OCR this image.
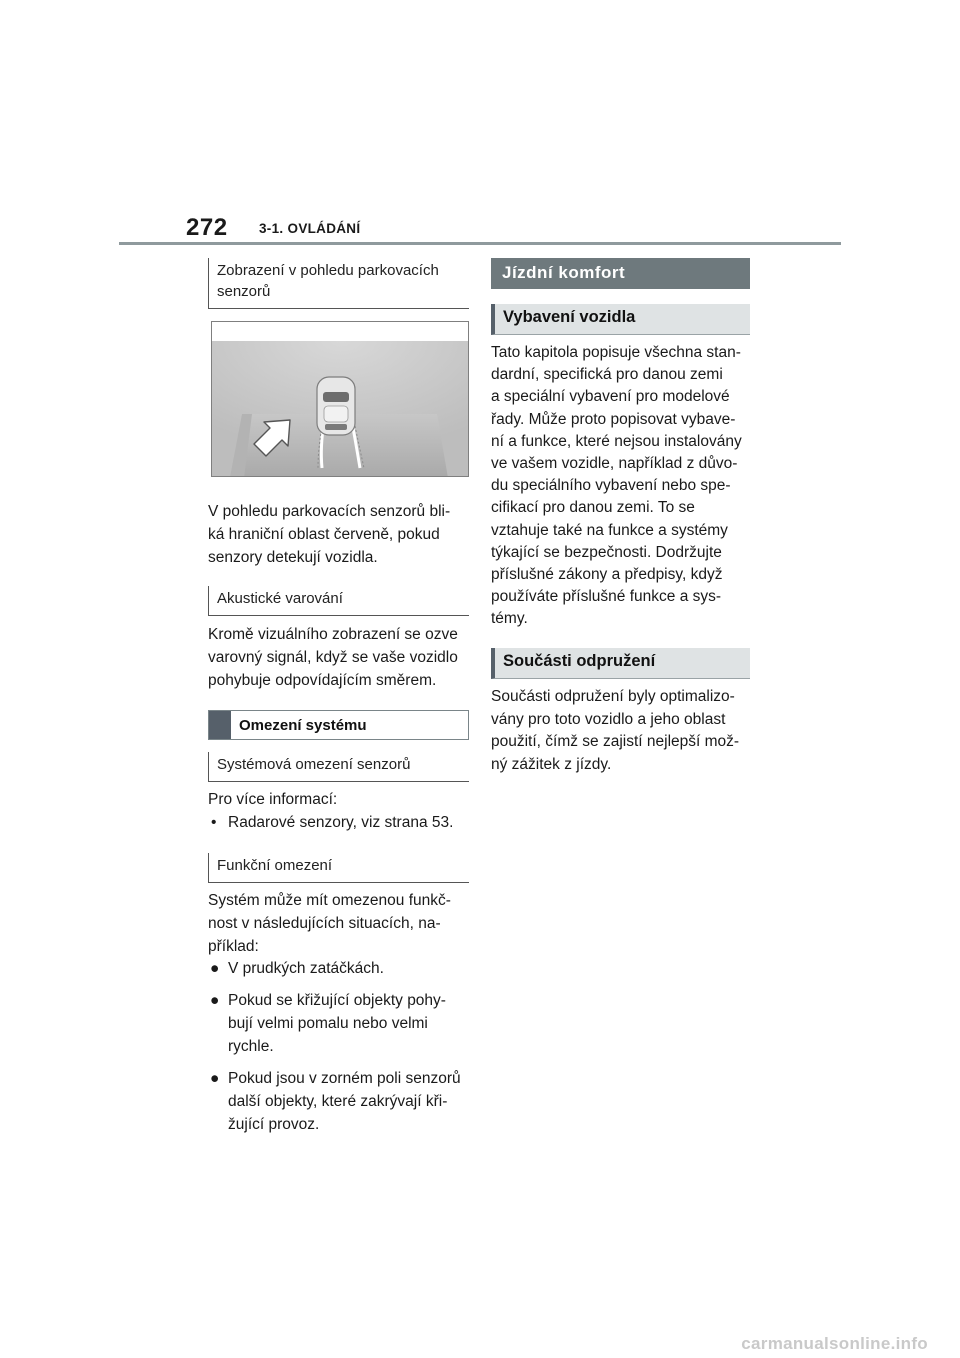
272 3-1. OVLÁDÁNÍ
Zobrazení v pohledu parkovacích senzorů
V pohledu parkovacích senzorů bli-
ká hraniční oblast červeně, pokud
senzory detekují vozidla.
Akustické varování
Kromě vizuálního zobrazení se ozve
varovný signál, když se vaše vozidlo
pohybuje odpovídajícím směrem.
Omezení systému
Systémová omezení senzorů
Pro více informací:
• Radarové senzory, viz strana 53.
Funkční omezení
Systém může mít omezenou funkč-
nost v následujících situacích, na-
příklad:
● V prudkých zatáčkách.
● Pokud se křižující objekty pohy-
bují velmi pomalu nebo velmi
rychle.
● Pokud jsou v zorném poli senzorů
další objekty, které zakrývají kři-
žující provoz.
Jízdní komfort
Vybavení vozidla
Tato kapitola popisuje všechna stan-
dardní, specifická pro danou zemi
a speciální vybavení pro modelové
řady. Může proto popisovat vybave-
ní a funkce, které nejsou instalovány
ve vašem vozidle, například z důvo-
du speciálního vybavení nebo spe-
cifikací pro danou zemi. To se
vztahuje také na funkce a systémy
týkající se bezpečnosti. Dodržujte
příslušné zákony a předpisy, když
používáte příslušné funkce a sys-
témy.
Součásti odpružení
Součásti odpružení byly optimalizo-
vány pro toto vozidlo a jeho oblast
použití, čímž se zajistí nejlepší mož-
ný zážitek z jízdy.
carmanualsonline.info
